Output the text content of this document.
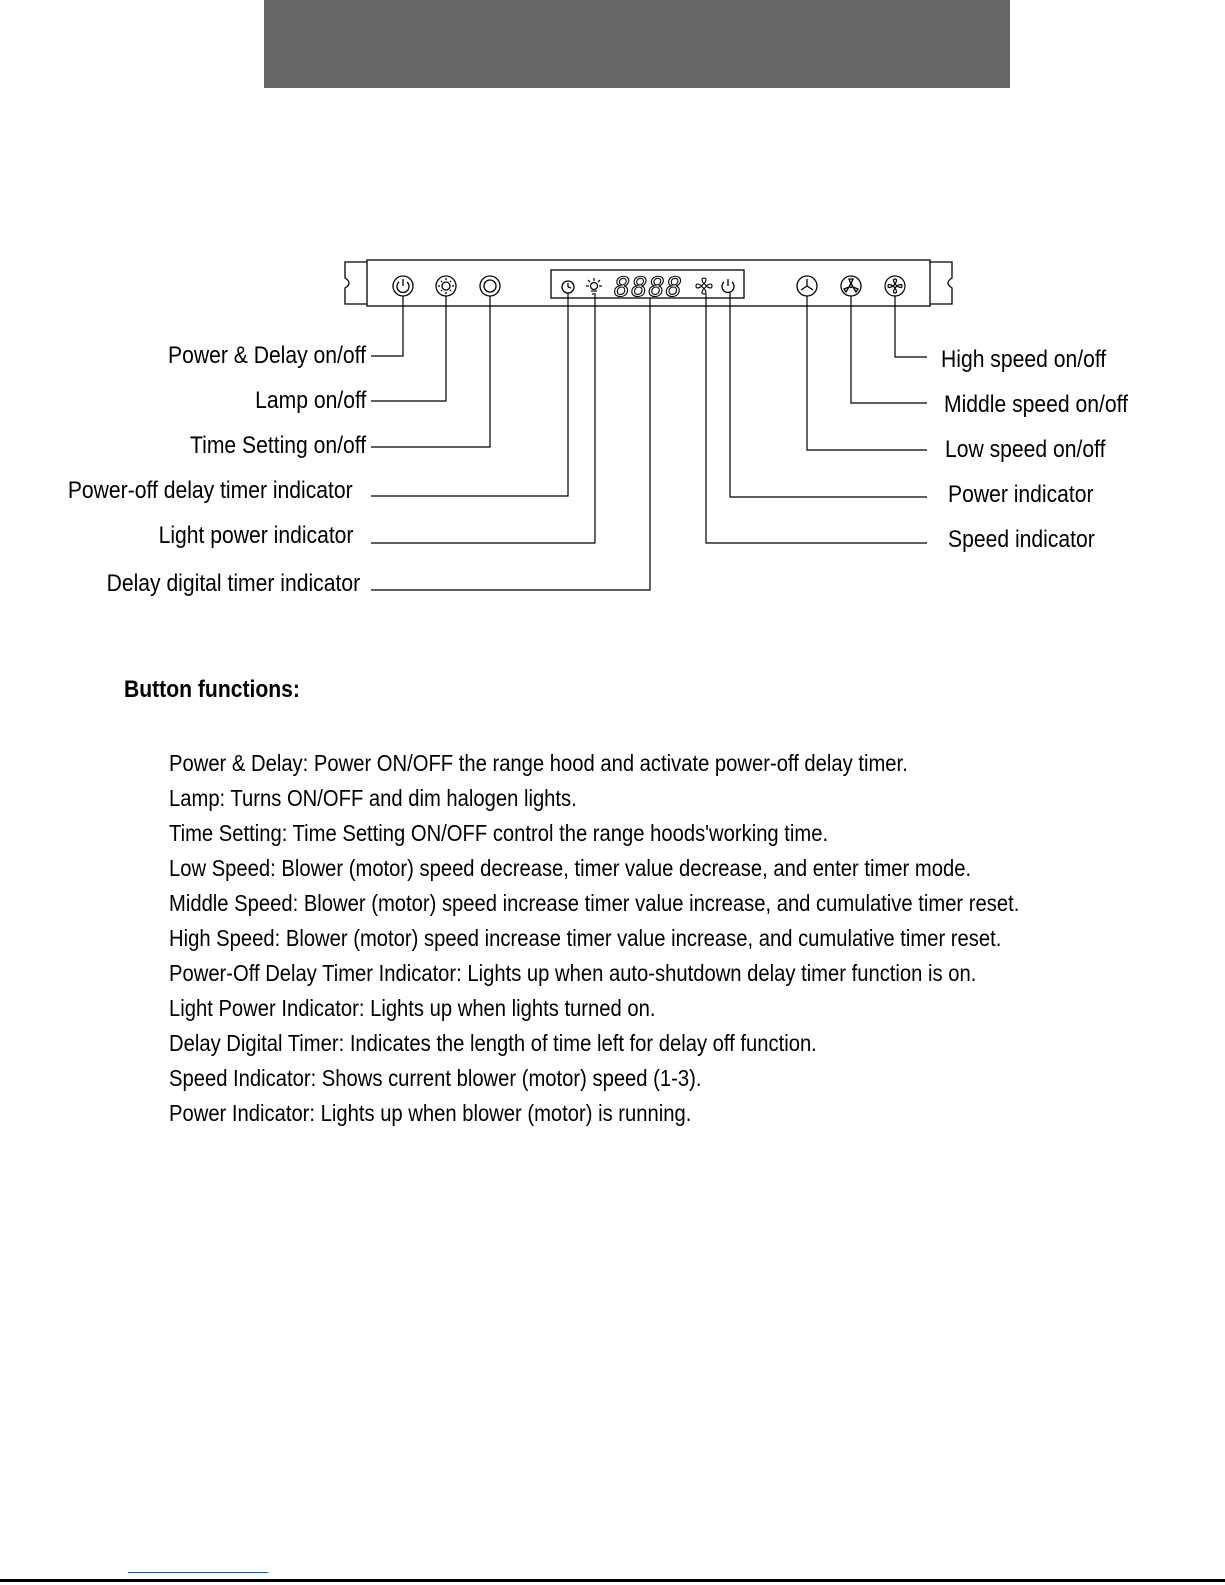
8888
Power & Delay on/off
Lamp on/off
Time Setting on/off
Power-off delay timer indicator
Light power indicator
Delay digital timer indicator
High speed on/off
Middle speed on/off
Low speed on/off
Power indicator
Speed indicator
Button functions:
Power & Delay: Power ON/OFF the range hood and activate power-off delay timer.
Lamp: Turns ON/OFF and dim halogen lights.
Time Setting: Time Setting ON/OFF control the range hoods'working time.
Low Speed: Blower (motor) speed decrease, timer value decrease, and enter timer mode.
Middle Speed: Blower (motor) speed increase timer value increase, and cumulative timer reset.
High Speed: Blower (motor) speed increase timer value increase, and cumulative timer reset.
Power-Off Delay Timer Indicator: Lights up when auto-shutdown delay timer function is on.
Light Power Indicator: Lights up when lights turned on.
Delay Digital Timer: Indicates the length of time left for delay off function.
Speed Indicator: Shows current blower (motor) speed (1-3).
Power Indicator: Lights up when blower (motor) is running.
